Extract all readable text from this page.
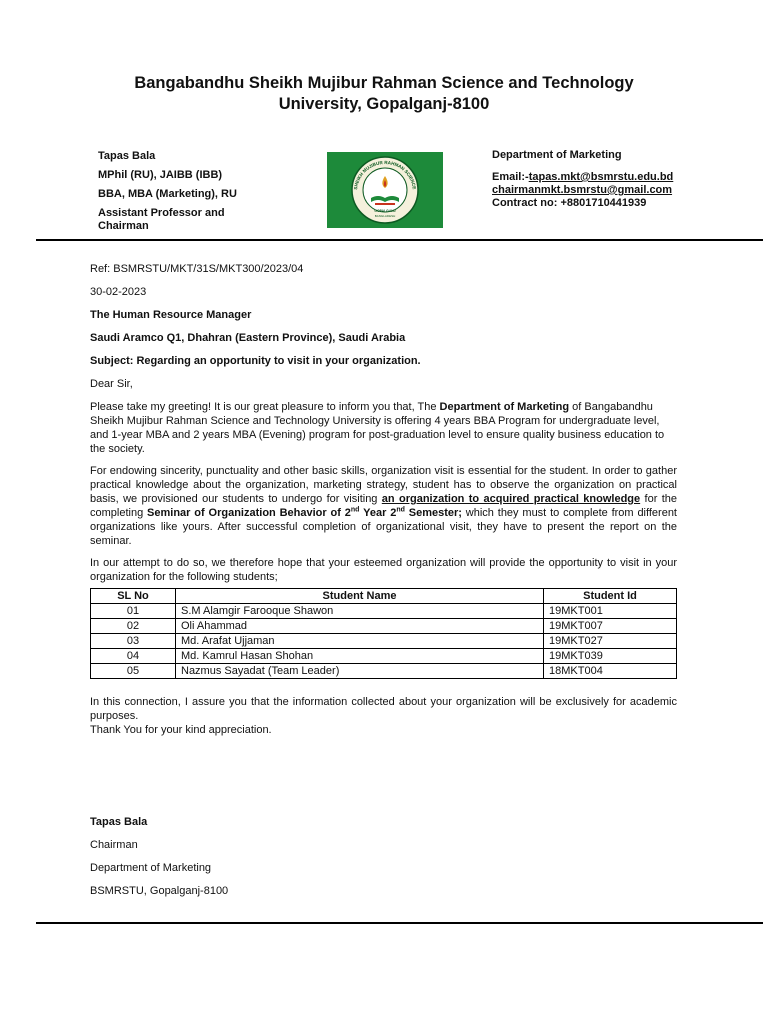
Bangabandhu Sheikh Mujibur Rahman Science and Technology
University, Gopalganj-8100
Tapas Bala
MPhil (RU), JAIBB (IBB)
BBA, MBA (Marketing), RU
Assistant Professor and
Chairman
SHEIKH MUJIBUR RAHMAN SCIENCE
GOPALGANJ
BANGLADESH
Department of Marketing
Email:-tapas.mkt@bsmrstu.edu.bd
chairmanmkt.bsmrstu@gmail.com
Contract no: +8801710441939
Ref: BSMRSTU/MKT/31S/MKT300/2023/04
30-02-2023
The Human Resource Manager
Saudi Aramco Q1, Dhahran (Eastern Province), Saudi Arabia
Subject: Regarding an opportunity to visit in your organization.
Dear Sir,

Please take my greeting! It is our great pleasure to inform you that, The Department of Marketing of Bangabandhu Sheikh Mujibur Rahman Science and Technology University is offering 4 years BBA Program for undergraduate level, and 1-year MBA and 2 years MBA (Evening) program for post-graduation level to ensure quality business education to the society.

For endowing sincerity, punctuality and other basic skills, organization visit is essential for the student. In order to gather practical knowledge about the organization, marketing strategy, student has to observe the organization on practical basis, we provisioned our students to undergo for visiting an organization to acquired practical knowledge for the completing Seminar of Organization Behavior of 2nd Year 2nd Semester; which they must to complete from different organizations like yours. After successful completion of organizational visit, they have to present the report on the seminar.

In our attempt to do so, we therefore hope that your esteemed organization will provide the opportunity to visit in your organization for the following students;

SL No	Student Name	Student Id
01	S.M Alamgir Farooque Shawon	19MKT001
02	Oli Ahammad	19MKT007
03	Md. Arafat Ujjaman	19MKT027
04	Md. Kamrul Hasan Shohan	19MKT039
05	Nazmus Sayadat (Team Leader)	18MKT004

In this connection, I assure you that the information collected about your organization will be exclusively for academic purposes.

Thank You for your kind appreciation.

Tapas Bala
Chairman
Department of Marketing
BSMRSTU, Gopalganj-8100
